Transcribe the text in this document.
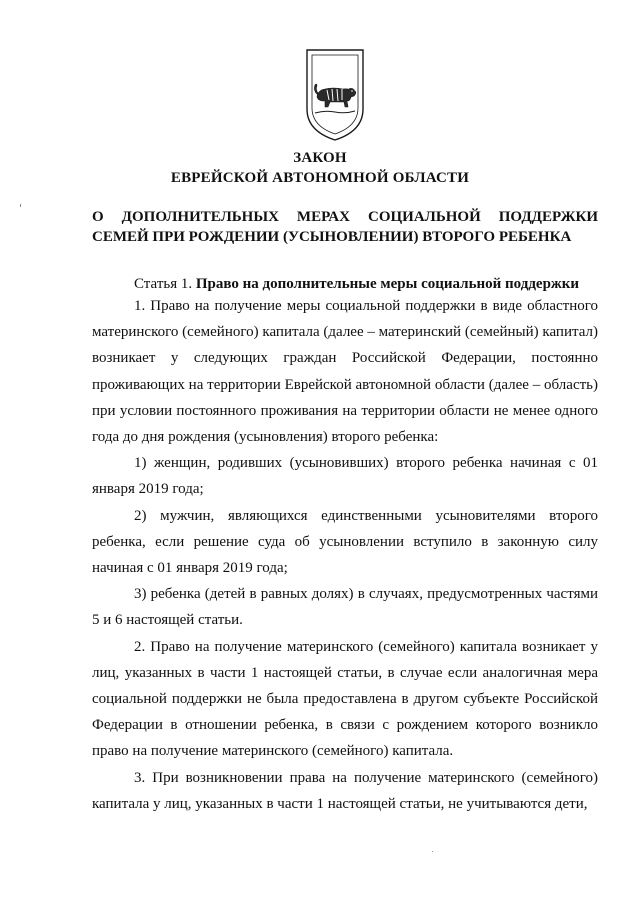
ЗАКОН
ЕВРЕЙСКОЙ АВТОНОМНОЙ ОБЛАСТИ
О ДОПОЛНИТЕЛЬНЫХ МЕРАХ СОЦИАЛЬНОЙ ПОДДЕРЖКИ
СЕМЕЙ ПРИ РОЖДЕНИИ (УСЫНОВЛЕНИИ) ВТОРОГО РЕБЕНКА
Статья 1. Право на дополнительные меры социальной поддержки

1. Право на получение меры социальной поддержки в виде областного материнского (семейного) капитала (далее – материнский (семейный) капитал) возникает у следующих граждан Российской Федерации, постоянно проживающих на территории Еврейской автономной области (далее – область) при условии постоянного проживания на территории области не менее одного года до дня рождения (усыновления) второго ребенка:

1) женщин, родивших (усыновивших) второго ребенка начиная с 01 января 2019 года;

2) мужчин, являющихся единственными усыновителями второго ребенка, если решение суда об усыновлении вступило в законную силу начиная с 01 января 2019 года;

3) ребенка (детей в равных долях) в случаях, предусмотренных частями 5 и 6 настоящей статьи.

2. Право на получение материнского (семейного) капитала возникает у лиц, указанных в части 1 настоящей статьи, в случае если аналогичная мера социальной поддержки не была предоставлена в другом субъекте Российской Федерации в отношении ребенка, в связи с рождением которого возникло право на получение материнского (семейного) капитала.

3. При возникновении права на получение материнского (семейного) капитала у лиц, указанных в части 1 настоящей статьи, не учитываются дети,
